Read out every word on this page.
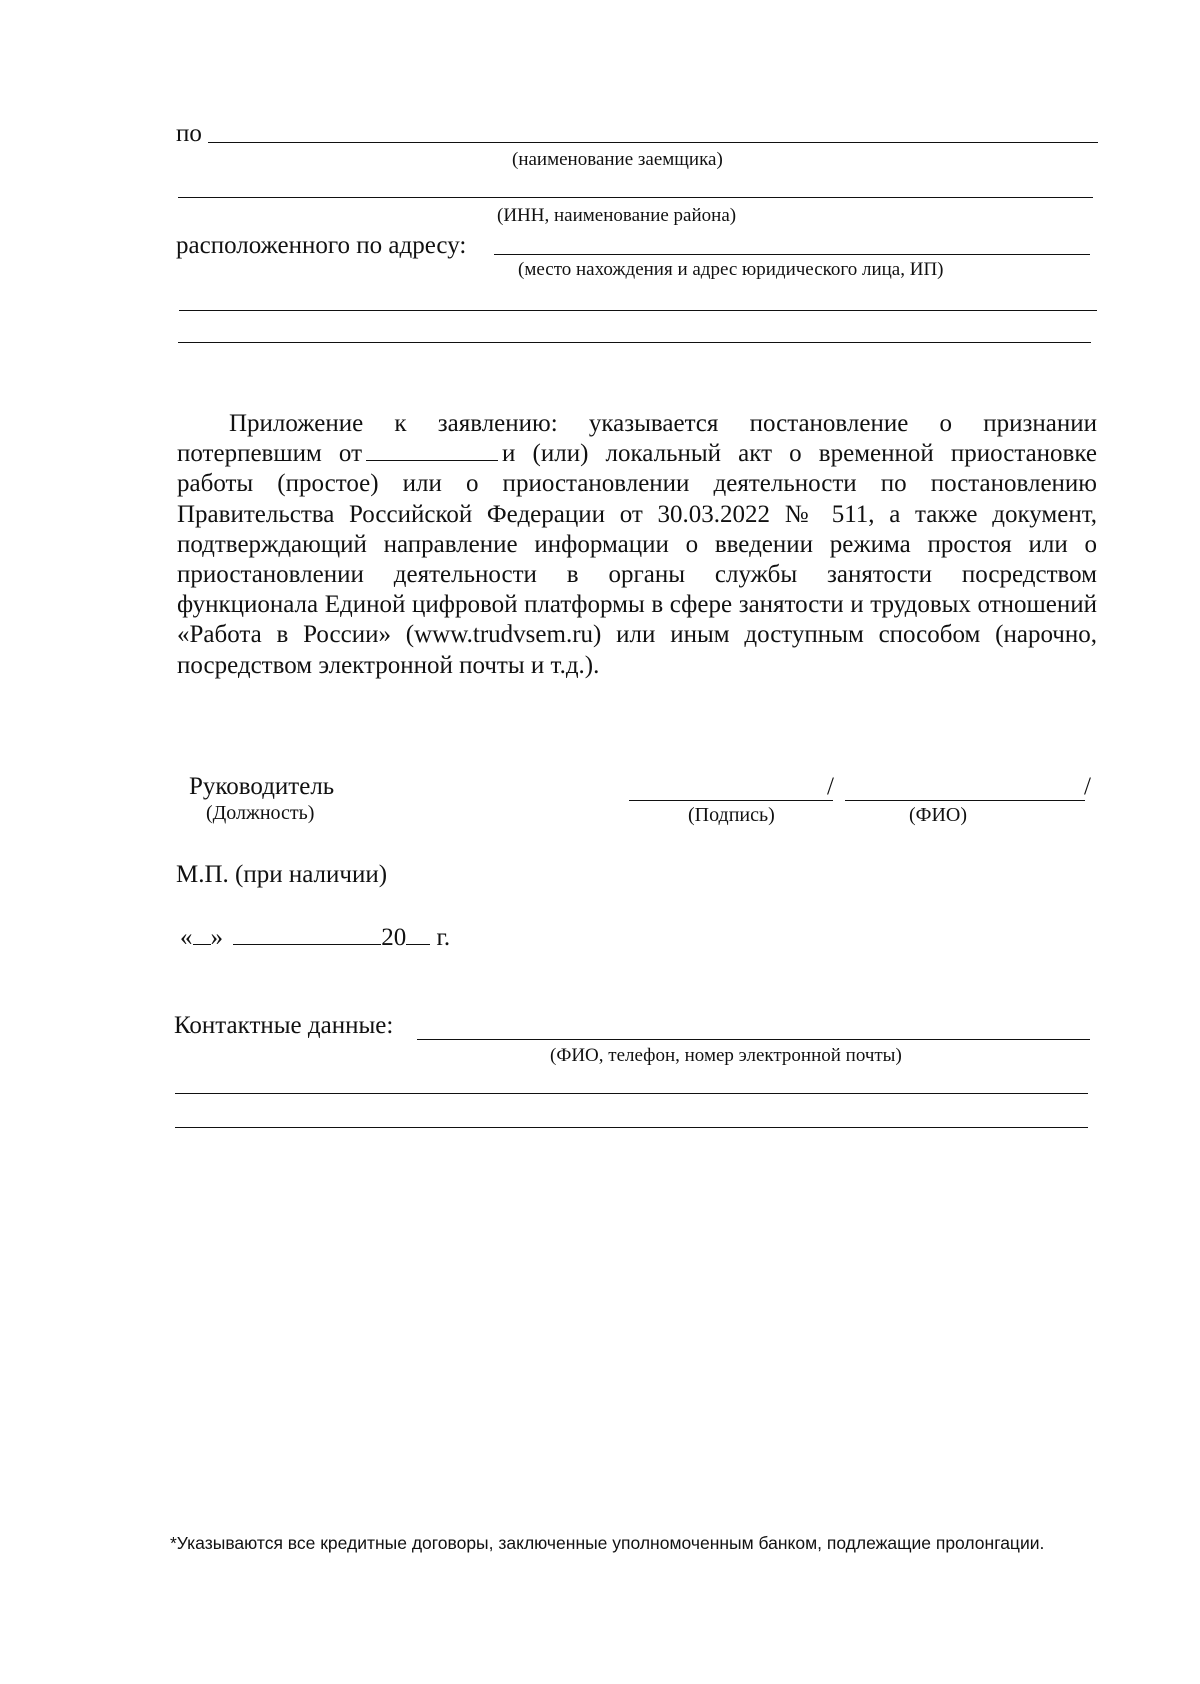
по
(наименование заемщика)
(ИНН, наименование района)
расположенного по адресу:
(место нахождения и адрес юридического лица, ИП)
Приложение к заявлению: указывается постановление о признании потерпевшим от	и (или) локальный акт о временной приостановке работы (простое) или о приостановлении деятельности по постановлению Правительства Российской Федерации от 30.03.2022 № 511, а также документ, подтверждающий направление информации о введении режима простоя или о приостановлении деятельности в органы службы занятости посредством функционала Единой цифровой платформы в сфере занятости и трудовых отношений «Работа в России» (www.trudvsem.ru) или иным доступным способом (нарочно, посредством электронной почты и т.д.).
Руководитель
(Должность)
/	/
(Подпись)	(ФИО)
М.П. (при наличии)
« »	20 г.
Контактные данные:
(ФИО, телефон, номер электронной почты)
*Указываются все кредитные договоры, заключенные уполномоченным банком, подлежащие пролонгации.
